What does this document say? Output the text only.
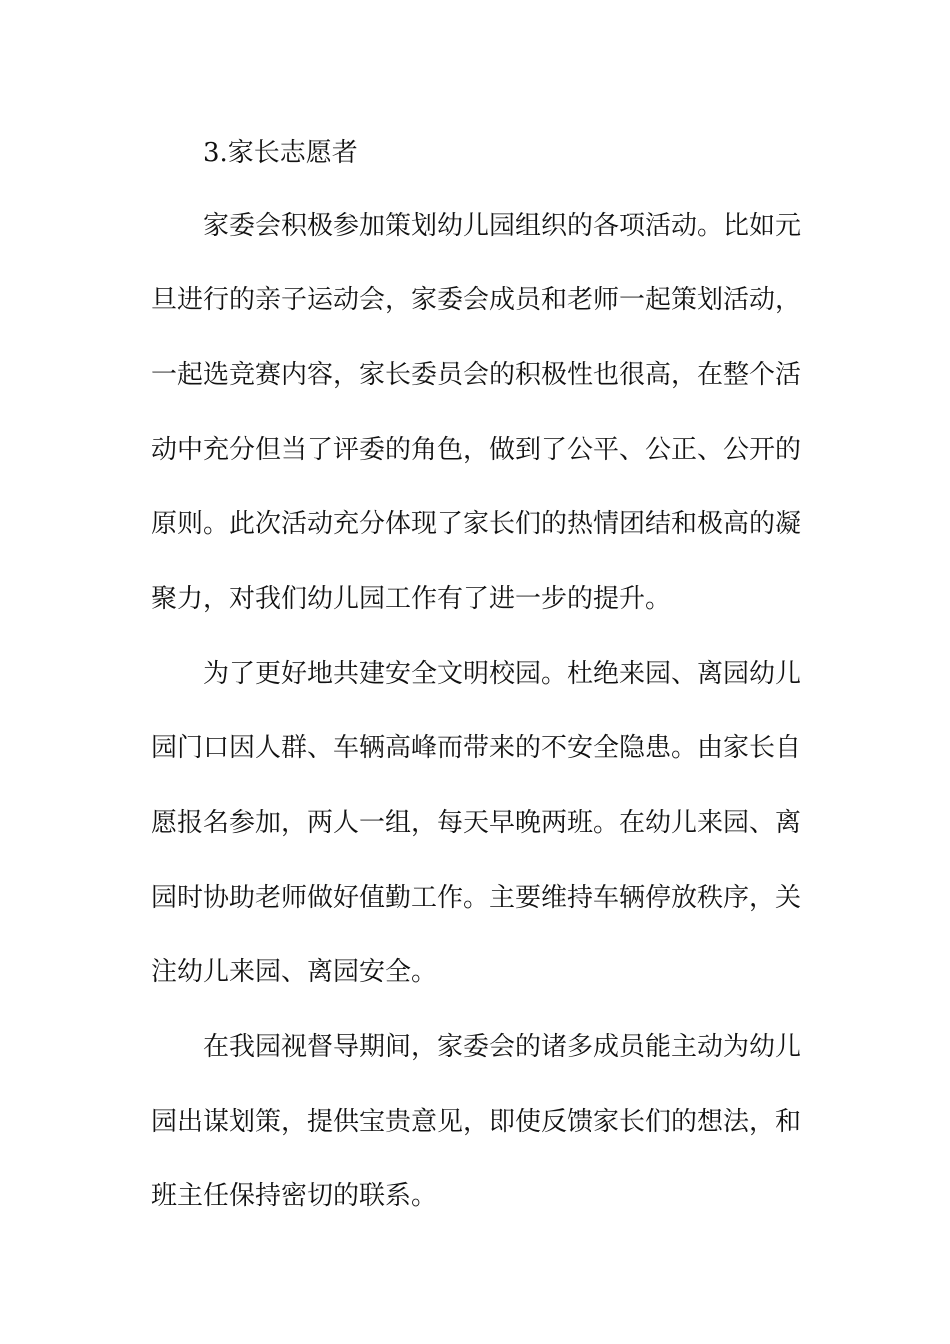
3.家长志愿者
家委会积极参加策划幼儿园组织的各项活动。比如元
旦进行的亲子运动会，家委会成员和老师一起策划活动，
一起选竞赛内容，家长委员会的积极性也很高，在整个活
动中充分但当了评委的角色，做到了公平、公正、公开的
原则。此次活动充分体现了家长们的热情团结和极高的凝
聚力，对我们幼儿园工作有了进一步的提升。
为了更好地共建安全文明校园。杜绝来园、离园幼儿
园门口因人群、车辆高峰而带来的不安全隐患。由家长自
愿报名参加，两人一组，每天早晚两班。在幼儿来园、离
园时协助老师做好值勤工作。主要维持车辆停放秩序，关
注幼儿来园、离园安全。
在我园视督导期间，家委会的诸多成员能主动为幼儿
园出谋划策，提供宝贵意见，即使反馈家长们的想法，和
班主任保持密切的联系。
